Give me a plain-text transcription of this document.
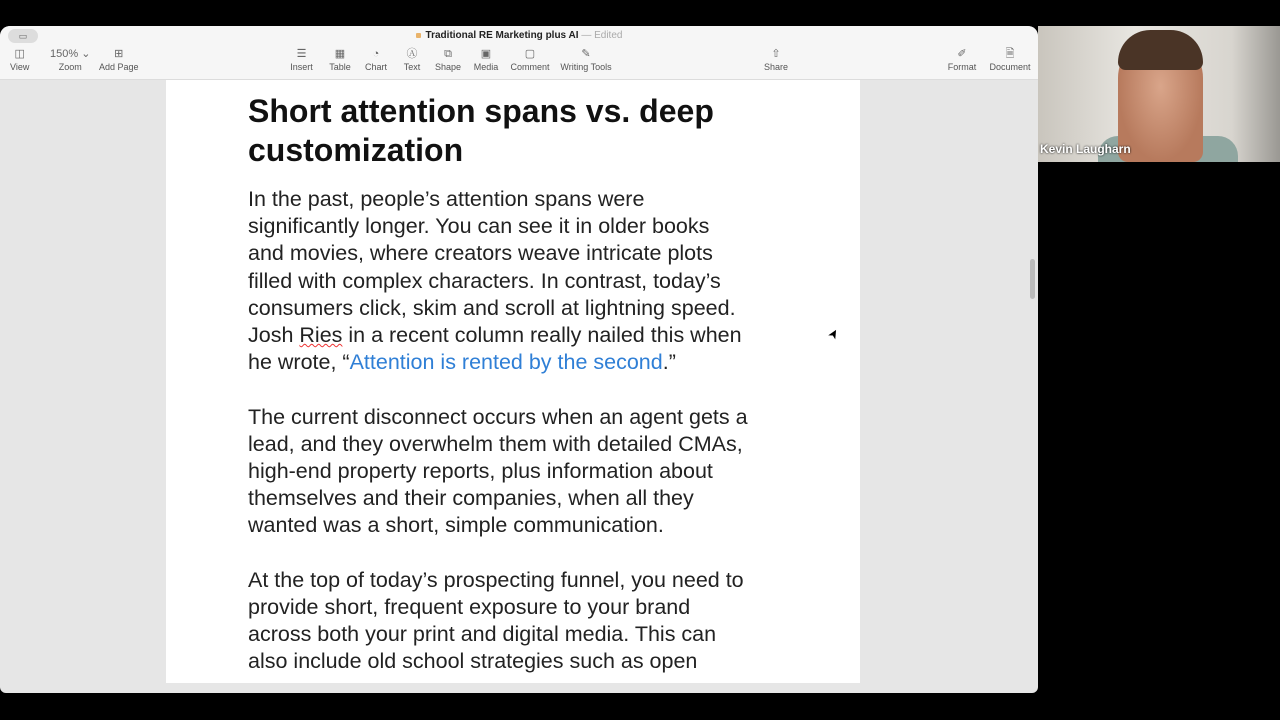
▭	Traditional RE Marketing plus AI — Edited
◫
View
150% ⌄
Zoom
⊞
Add Page
☰
Insert
▦
Table
◔
Chart
Ⓐ
Text
⧉
Shape
▣
Media
▢
Comment
✎
Writing Tools
⇧
Share
✐
Format
🗎
Document
Short attention spans vs. deep customization
In the past, people’s attention spans were
significantly longer. You can see it in older books
and movies, where creators weave intricate plots
filled with complex characters. In contrast, today’s
consumers click, skim and scroll at lightning speed.
Josh Ries in a recent column really nailed this when
he wrote, “Attention is rented by the second.”
The current disconnect occurs when an agent gets a
lead, and they overwhelm them with detailed CMAs,
high-end property reports, plus information about
themselves and their companies, when all they
wanted was a short, simple communication.
At the top of today’s prospecting funnel, you need to
provide short, frequent exposure to your brand
across both your print and digital media. This can
also include old school strategies such as open
➤
Kevin Laugharn
